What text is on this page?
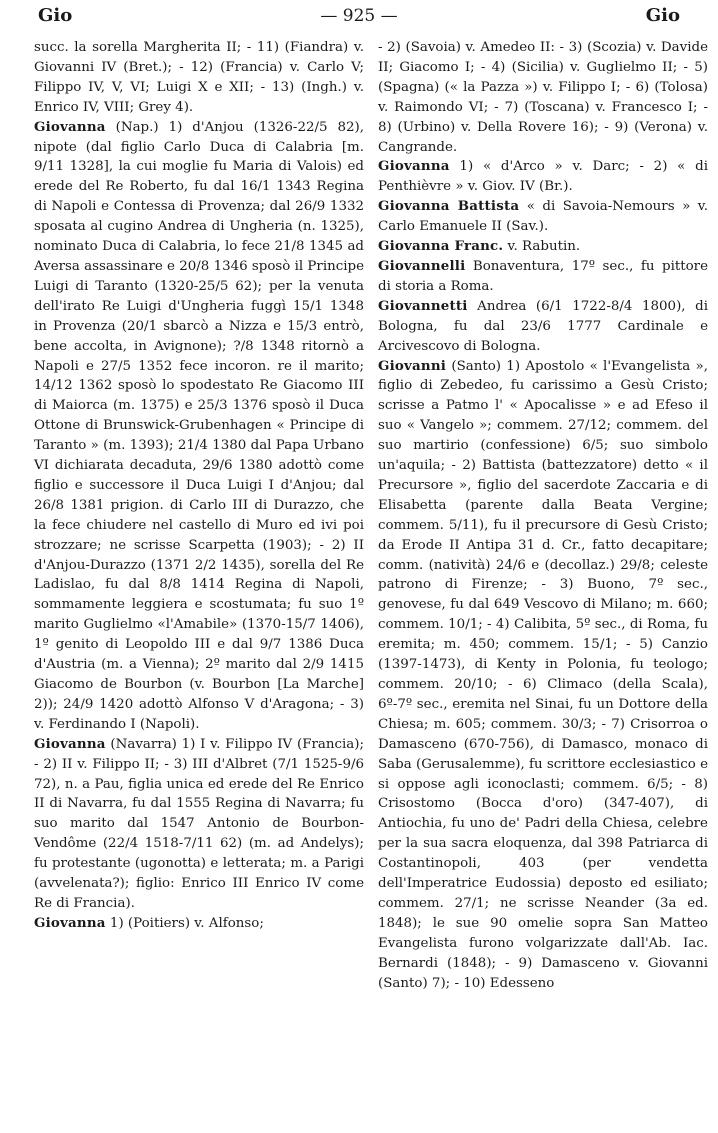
Gio	— 925 —	Gio

succ. la sorella Margherita II; - 11) (Fiandra) v. Giovanni IV (Bret.); - 12) (Francia) v. Carlo V; Filippo IV, V, VI; Luigi X e XII; - 13) (Ingh.) v. Enrico IV, VIII; Grey 4).

Giovanna (Nap.) 1) d'Anjou (1326-22/5 82), nipote (dal figlio Carlo Duca di Calabria [m. 9/11 1328], la cui moglie fu Maria di Valois) ed erede del Re Roberto, fu dal 16/1 1343 Regina di Napoli e Contessa di Provenza; dal 26/9 1332 sposata al cugino Andrea di Ungheria (n. 1325), nominato Duca di Calabria, lo fece 21/8 1345 ad Aversa assassinare e 20/8 1346 sposò il Principe Luigi di Taranto (1320-25/5 62); per la venuta dell'irato Re Luigi d'Ungheria fuggì 15/1 1348 in Provenza (20/1 sbarcò a Nizza e 15/3 entrò, bene accolta, in Avignone); ?/8 1348 ritornò a Napoli e 27/5 1352 fece incoron. re il marito; 14/12 1362 sposò lo spodestato Re Giacomo III di Maiorca (m. 1375) e 25/3 1376 sposò il Duca Ottone di Brunswick-Grubenhagen « Principe di Taranto » (m. 1393); 21/4 1380 dal Papa Urbano VI dichiarata decaduta, 29/6 1380 adottò come figlio e successore il Duca Luigi I d'Anjou; dal 26/8 1381 prigion. di Carlo III di Durazzo, che la fece chiudere nel castello di Muro ed ivi poi strozzare; ne scrisse Scarpetta (1903); - 2) II d'Anjou-Durazzo (1371 2/2 1435), sorella del Re Ladislao, fu dal 8/8 1414 Regina di Napoli, sommamente leggiera e scostumata; fu suo 1º marito Guglielmo «l'Amabile» (1370-15/7 1406), 1º genito di Leopoldo III e dal 9/7 1386 Duca d'Austria (m. a Vienna); 2º marito dal 2/9 1415 Giacomo de Bourbon (v. Bourbon [La Marche] 2)); 24/9 1420 adottò Alfonso V d'Aragona; - 3) v. Ferdinando I (Napoli).

Giovanna (Navarra) 1) I v. Filippo IV (Francia); - 2) II v. Filippo II; - 3) III d'Albret (7/1 1525-9/6 72), n. a Pau, figlia unica ed erede del Re Enrico II di Navarra, fu dal 1555 Regina di Navarra; fu suo marito dal 1547 Antonio de Bourbon-Vendôme (22/4 1518-7/11 62) (m. ad Andelys); fu protestante (ugonotta) e letterata; m. a Parigi (avvelenata?); figlio: Enrico III Enrico IV come Re di Francia).

Giovanna 1) (Poitiers) v. Alfonso;

- 2) (Savoia) v. Amedeo II: - 3) (Scozia) v. Davide II; Giacomo I; - 4) (Sicilia) v. Guglielmo II; - 5) (Spagna) (« la Pazza ») v. Filippo I; - 6) (Tolosa) v. Raimondo VI; - 7) (Toscana) v. Francesco I; - 8) (Urbino) v. Della Rovere 16); - 9) (Verona) v. Cangrande.

Giovanna 1) « d'Arco » v. Darc; - 2) « di Penthièvre » v. Giov. IV (Br.).

Giovanna Battista « di Savoia-Nemours » v. Carlo Emanuele II (Sav.).

Giovanna Franc. v. Rabutin.

Giovannelli Bonaventura, 17º sec., fu pittore di storia a Roma.

Giovannetti Andrea (6/1 1722-8/4 1800), di Bologna, fu dal 23/6 1777 Cardinale e Arcivescovo di Bologna.

Giovanni (Santo) 1) Apostolo « l'Evangelista », figlio di Zebedeo, fu carissimo a Gesù Cristo; scrisse a Patmo l' « Apocalisse » e ad Efeso il suo « Vangelo »; commem. 27/12; commem. del suo martirio (confessione) 6/5; suo simbolo un'aquila; - 2) Battista (battezzatore) detto « il Precursore », figlio del sacerdote Zaccaria e di Elisabetta (parente dalla Beata Vergine; commem. 5/11), fu il precursore di Gesù Cristo; da Erode II Antipa 31 d. Cr., fatto decapitare; comm. (natività) 24/6 e (decollaz.) 29/8; celeste patrono di Firenze; - 3) Buono, 7º sec., genovese, fu dal 649 Vescovo di Milano; m. 660; commem. 10/1; - 4) Calibita, 5º sec., di Roma, fu eremita; m. 450; commem. 15/1; - 5) Canzio (1397-1473), di Kenty in Polonia, fu teologo; commem. 20/10; - 6) Climaco (della Scala), 6º-7º sec., eremita nel Sinai, fu un Dottore della Chiesa; m. 605; commem. 30/3; - 7) Crisorroa o Damasceno (670-756), di Damasco, monaco di Saba (Gerusalemme), fu scrittore ecclesiastico e si oppose agli iconoclasti; commem. 6/5; - 8) Crisostomo (Bocca d'oro) (347-407), di Antiochia, fu uno de' Padri della Chiesa, celebre per la sua sacra eloquenza, dal 398 Patriarca di Costantinopoli, 403 (per vendetta dell'Imperatrice Eudossia) deposto ed esiliato; commem. 27/1; ne scrisse Neander (3a ed. 1848); le sue 90 omelie sopra San Matteo Evangelista furono volgarizzate dall'Ab. Iac. Bernardi (1848); - 9) Damasceno v. Giovanni (Santo) 7); - 10) Edesseno
